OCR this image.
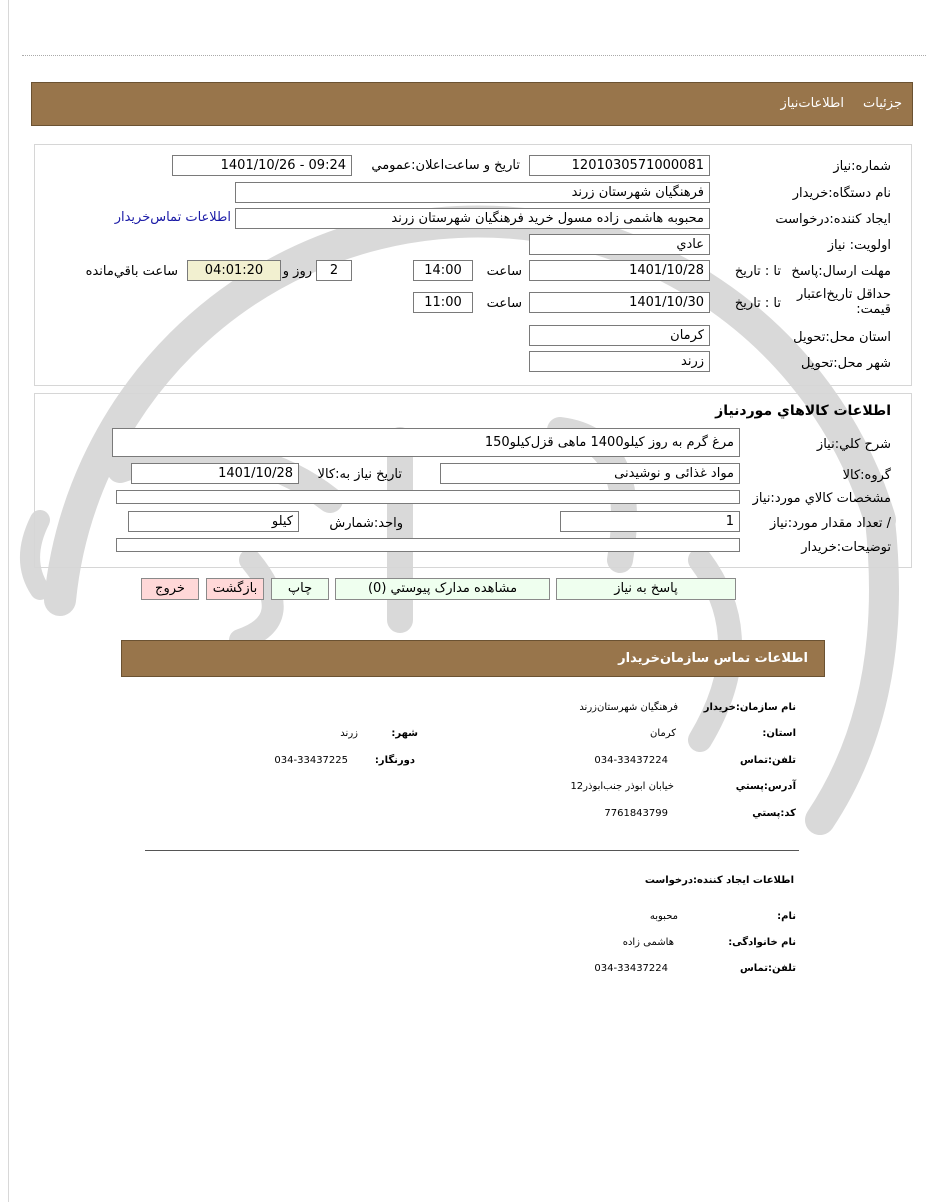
جزئیات
اطلاعات‌نیاز
شماره:نیاز
1201030571000081
تاريخ و ساعت‌اعلان:عمومي
1401/10/26 - 09:24
نام دستگاه:خريدار
فرهنگیان شهرستان زرند
ايجاد کننده:درخواست
محبوبه هاشمی زاده مسول خرید فرهنگیان شهرستان زرند
اطلاعات تماس‌خريدار
اولويت: نياز
عادي
مهلت ارسال:پاسخ
تا : تاريخ
1401/10/28
ساعت
14:00
2
روز و
04:01:20
ساعت باقي‌مانده
حداقل تاريخ‌اعتبار قيمت:
تا : تاريخ
1401/10/30
ساعت
11:00
استان محل:تحويل
کرمان
شهر محل:تحويل
زرند
اطلاعات کالاهاي موردنياز
شرح کلي:نياز
مرغ گرم به روز کیلو1400 ماهی قزل‌کیلو150
گروه:کالا
مواد غذائی و نوشیدنی
تاريخ نياز به:کالا
1401/10/28
مشخصات کالاي مورد:نياز
/ تعداد مقدار مورد:نياز
1
واحد:شمارش
کیلو
توضيحات:خريدار
پاسخ به نياز
مشاهده مدارک پيوستي (0)
چاپ
بازگشت
خروج
اطلاعات تماس سازمان‌خريدار
نام سازمان:خريدار
فرهنگیان شهرستان‌زرند
استان:
کرمان
شهر:
زرند
تلفن:تماس
034-33437224
دورنگار:
034-33437225
آدرس:پستي
خیابان ابوذر جنب‌ابوذر12
کد:پستي
7761843799
اطلاعات ايجاد کننده:درخواست
نام:
محبوبه
نام خانوادگی:
هاشمی زاده
تلفن:تماس
034-33437224
